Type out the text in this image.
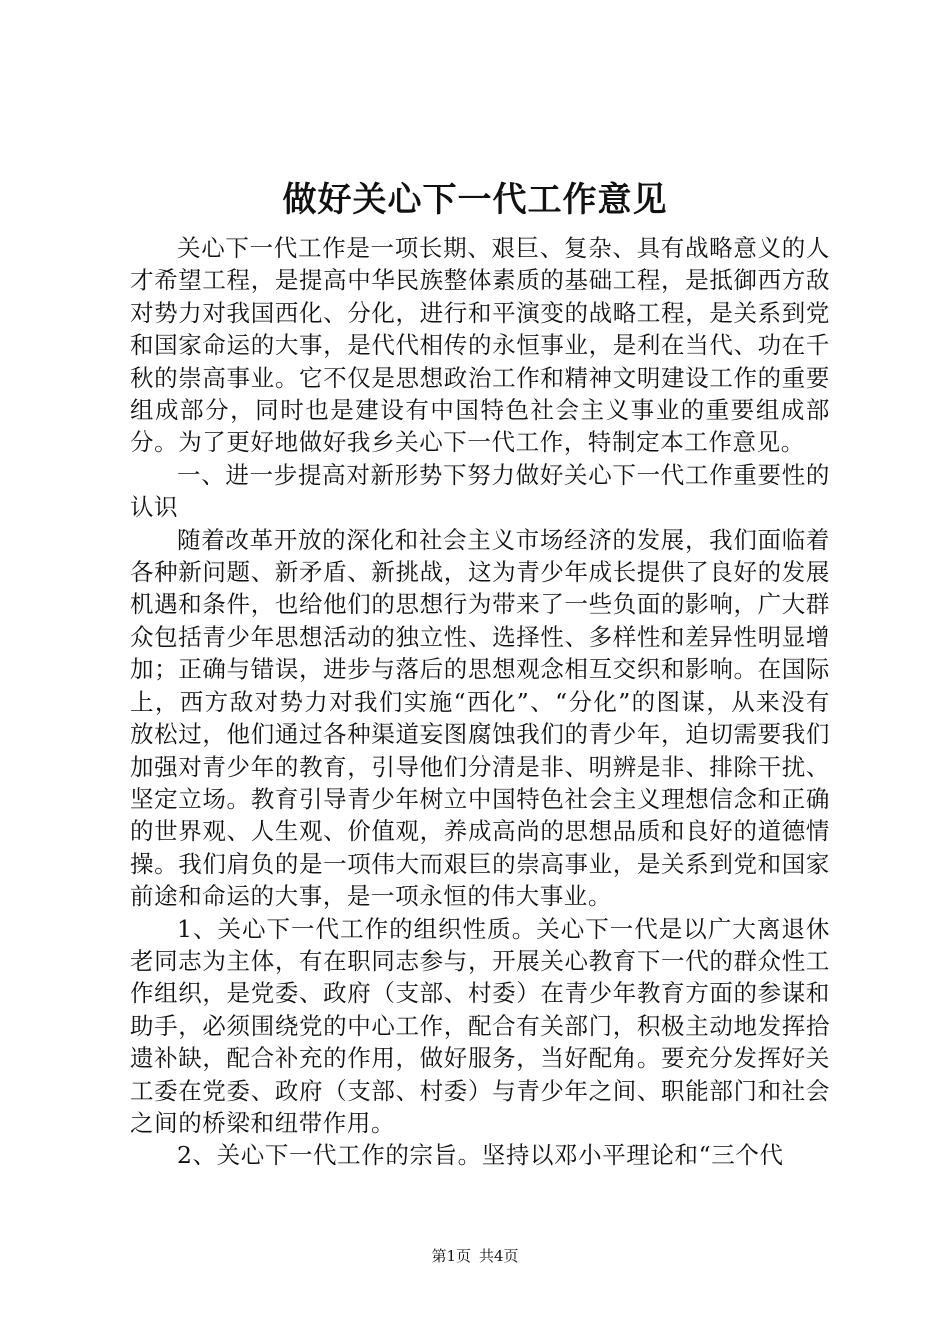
做好关心下一代工作意见

关心下一代工作是一项长期、艰巨、复杂、具有战略意义的人才希望工程，是提高中华民族整体素质的基础工程，是抵御西方敌对势力对我国西化、分化，进行和平演变的战略工程，是关系到党和国家命运的大事，是代代相传的永恒事业，是利在当代、功在千秋的崇高事业。它不仅是思想政治工作和精神文明建设工作的重要组成部分，同时也是建设有中国特色社会主义事业的重要组成部分。为了更好地做好我乡关心下一代工作，特制定本工作意见。

一、进一步提高对新形势下努力做好关心下一代工作重要性的认识

随着改革开放的深化和社会主义市场经济的发展，我们面临着各种新问题、新矛盾、新挑战，这为青少年成长提供了良好的发展机遇和条件，也给他们的思想行为带来了一些负面的影响，广大群众包括青少年思想活动的独立性、选择性、多样性和差异性明显增加；正确与错误，进步与落后的思想观念相互交织和影响。在国际上，西方敌对势力对我们实施“西化”、“分化”的图谋，从来没有放松过，他们通过各种渠道妄图腐蚀我们的青少年，迫切需要我们加强对青少年的教育，引导他们分清是非、明辨是非、排除干扰、坚定立场。教育引导青少年树立中国特色社会主义理想信念和正确的世界观、人生观、价值观，养成高尚的思想品质和良好的道德情操。我们肩负的是一项伟大而艰巨的崇高事业，是关系到党和国家前途和命运的大事，是一项永恒的伟大事业。

1、关心下一代工作的组织性质。关心下一代是以广大离退休老同志为主体，有在职同志参与，开展关心教育下一代的群众性工作组织，是党委、政府（支部、村委）在青少年教育方面的参谋和助手，必须围绕党的中心工作，配合有关部门，积极主动地发挥拾遗补缺，配合补充的作用，做好服务，当好配角。要充分发挥好关工委在党委、政府（支部、村委）与青少年之间、职能部门和社会之间的桥梁和纽带作用。

2、关心下一代工作的宗旨。坚持以邓小平理论和“三个代

第1页 共4页
